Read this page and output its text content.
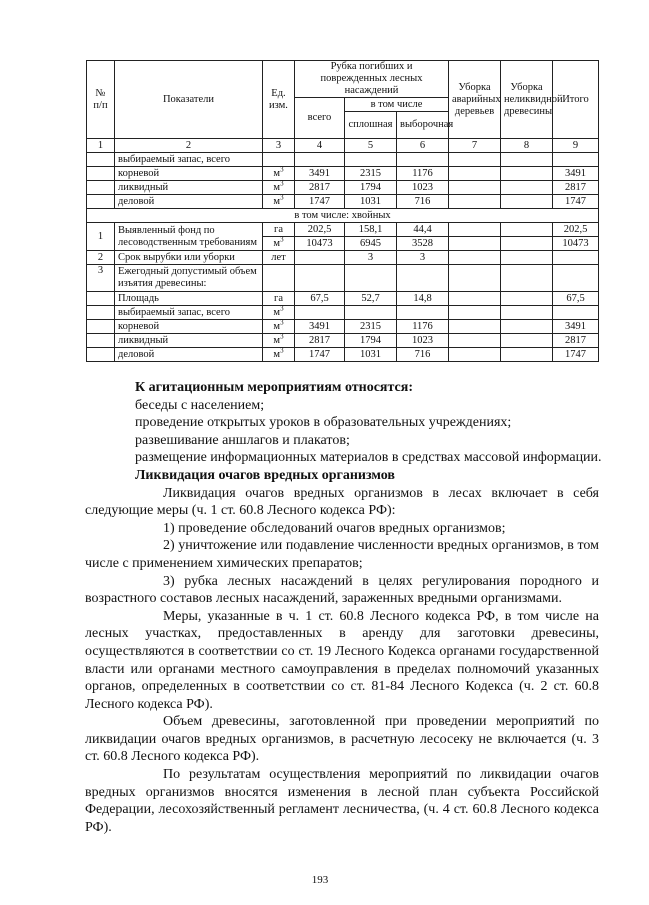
№ п/п	Показатели	Ед. изм.	Рубка погибших и поврежденных лесных насаждений			Уборка аварийных деревьев	Уборка неликвидной древесины	Итого
			всего	в том числе				
				сплошная	выборочная			
1	2	3	4	5	6	7	8	9
	выбираемый запас, всего							
	корневой	$м^3$	3491	2315	1176			3491
	ликвидный	$м^3$	2817	1794	1023			2817
	деловой	$м^3$	1747	1031	716			1747
в том числе: хвойных								
1	Выявленный фонд по лесоводственным требованиям	га	202,5	158,1	44,4			202,5
		$м^3$	10473	6945	3528			10473
2	Срок вырубки или уборки	лет		3	3			
3	Ежегодный допустимый объем изъятия древесины:							
	Площадь	га	67,5	52,7	14,8			67,5
	выбираемый запас, всего	$м^3$						
	корневой	$м^3$	3491	2315	1176			3491
	ликвидный	$м^3$	2817	1794	1023			2817
	деловой	$м^3$	1747	1031	716			1747

К агитационным мероприятиям относятся:

беседы с населением;

проведение открытых уроков в образовательных учреждениях;

развешивание аншлагов и плакатов;

размещение информационных материалов в средствах массовой информации.

Ликвидация очагов вредных организмов

Ликвидация очагов вредных организмов в лесах включает в себя следующие меры (ч. 1 ст. 60.8 Лесного кодекса РФ):

1) проведение обследований очагов вредных организмов;

2) уничтожение или подавление численности вредных организмов, в том числе с применением химических препаратов;

3) рубка лесных насаждений в целях регулирования породного и возрастного составов лесных насаждений, зараженных вредными организмами.

Меры, указанные в ч. 1 ст. 60.8 Лесного кодекса РФ, в том числе на лесных участках, предоставленных в аренду для заготовки древесины, осуществляются в соответствии со ст. 19 Лесного Кодекса органами государственной власти или органами местного самоуправления в пределах полномочий указанных органов, определенных в соответствии со ст. 81-84 Лесного Кодекса (ч. 2 ст. 60.8 Лесного кодекса РФ).

Объем древесины, заготовленной при проведении мероприятий по ликвидации очагов вредных организмов, в расчетную лесосеку не включается (ч. 3 ст. 60.8 Лесного кодекса РФ).

По результатам осуществления мероприятий по ликвидации очагов вредных организмов вносятся изменения в лесной план субъекта Российской Федерации, лесохозяйственный регламент лесничества, (ч. 4 ст. 60.8 Лесного кодекса РФ).

193
